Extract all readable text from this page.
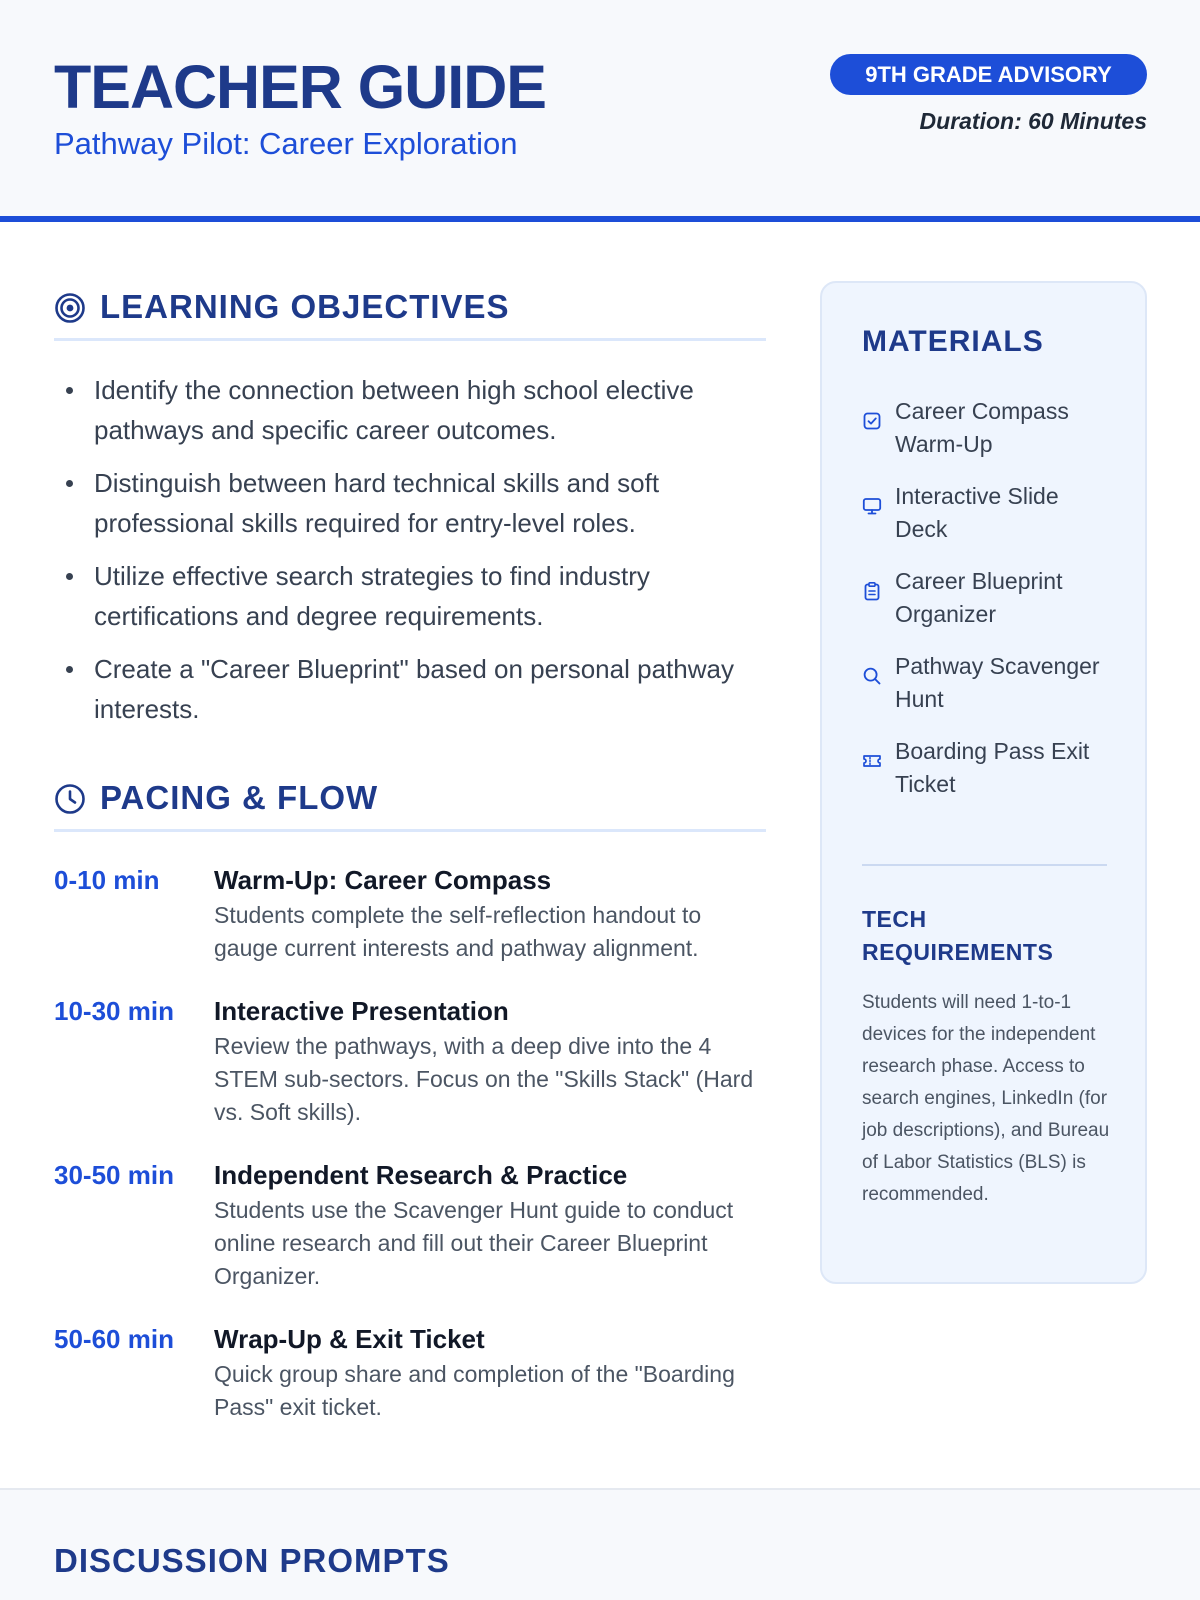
TEACHER GUIDE
Pathway Pilot: Career Exploration
9TH GRADE ADVISORY
Duration: 60 Minutes
LEARNING OBJECTIVES
Identify the connection between high school elective pathways and specific career outcomes.
Distinguish between hard technical skills and soft professional skills required for entry-level roles.
Utilize effective search strategies to find industry certifications and degree requirements.
Create a "Career Blueprint" based on personal pathway interests.
PACING & FLOW
0-10 min	Warm-Up: Career Compass
Students complete the self-reflection handout to gauge current interests and pathway alignment.
10-30 min	Interactive Presentation
Review the pathways, with a deep dive into the 4 STEM sub-sectors. Focus on the "Skills Stack" (Hard vs. Soft skills).
30-50 min	Independent Research & Practice
Students use the Scavenger Hunt guide to conduct online research and fill out their Career Blueprint Organizer.
50-60 min	Wrap-Up & Exit Ticket
Quick group share and completion of the "Boarding Pass" exit ticket.
MATERIALS
Career Compass Warm-Up
Interactive Slide Deck
Career Blueprint Organizer
Pathway Scavenger Hunt
Boarding Pass Exit Ticket
TECH REQUIREMENTS
Students will need 1-to-1 devices for the independent research phase. Access to search engines, LinkedIn (for job descriptions), and Bureau of Labor Statistics (BLS) is recommended.
DISCUSSION PROMPTS
